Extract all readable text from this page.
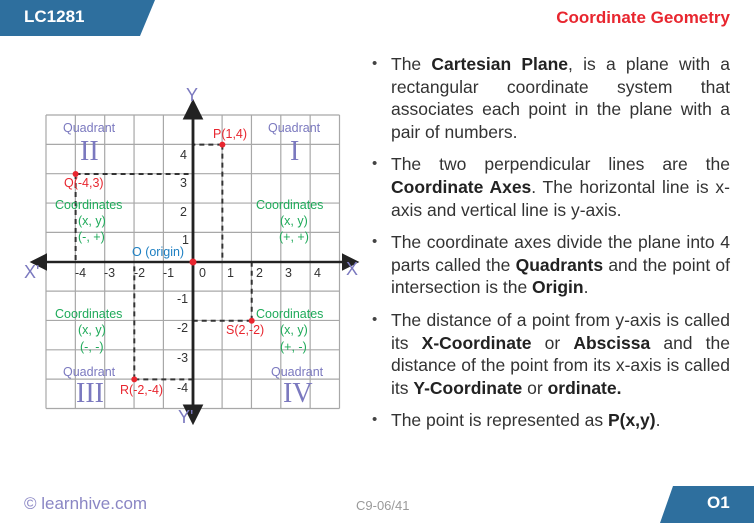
LC1281	Coordinate Geometry
Y
Y'
X
X'
O (origin)
-4 -3 -2 -1 0 1 2 3 4
4
3
2
1
-1
-2
-3
-4
Quadrant
I
Coordinates
(x, y)
(+, +)
Quadrant
II
Coordinates
(x, y)
(-, +)
Coordinates
(x, y)
(-, -)
Quadrant
III
Coordinates
(x, y)
(+, -)
Quadrant
IV
P(1,4)
Q(-4,3)
R(-2,-4)
S(2,-2)
• The Cartesian Plane, is a plane with a rectangular coordinate system that associates each point in the plane with a pair of numbers.
• The two perpendicular lines are the Coordinate Axes. The horizontal line is x-axis and vertical line is y-axis.
• The coordinate axes divide the plane into 4 parts called the Quadrants and the point of intersection is the Origin.
• The distance of a point from y-axis is called its X-Coordinate or Abscissa and the distance of the point from its x-axis is called its Y-Coordinate or ordinate.
• The point is represented as P(x,y).
© learnhive.com	C9-06/41	O1
